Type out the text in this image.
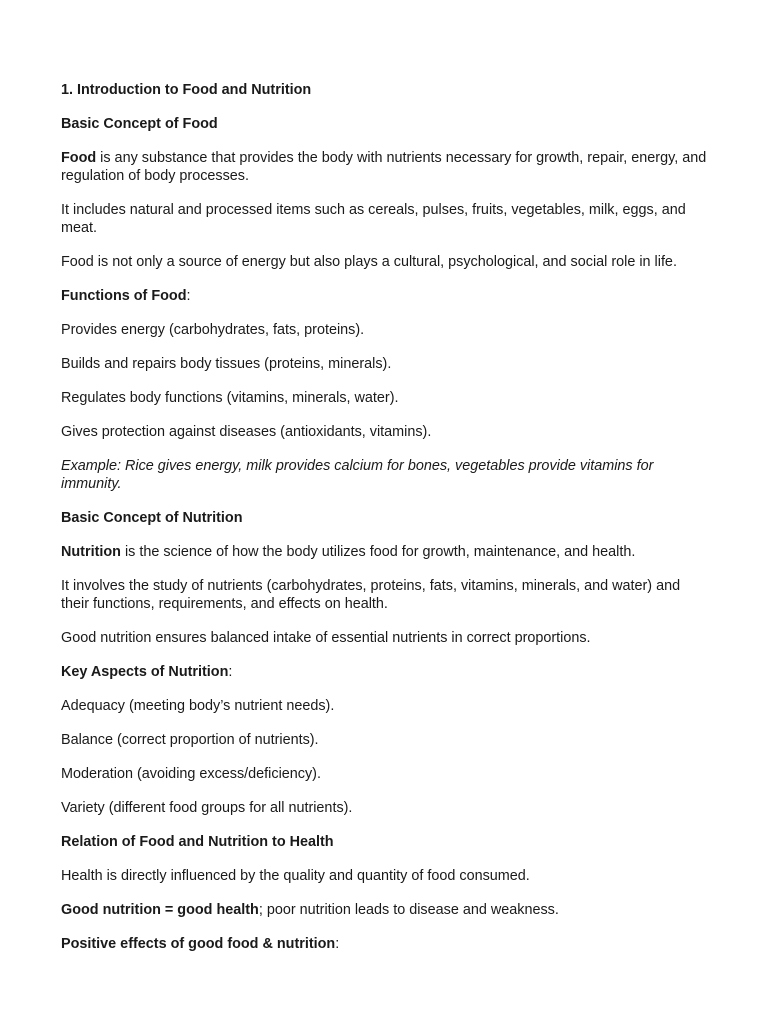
1. Introduction to Food and Nutrition

Basic Concept of Food

Food is any substance that provides the body with nutrients necessary for growth, repair, energy, and regulation of body processes.

It includes natural and processed items such as cereals, pulses, fruits, vegetables, milk, eggs, and meat.

Food is not only a source of energy but also plays a cultural, psychological, and social role in life.

Functions of Food:

Provides energy (carbohydrates, fats, proteins).

Builds and repairs body tissues (proteins, minerals).

Regulates body functions (vitamins, minerals, water).

Gives protection against diseases (antioxidants, vitamins).

Example: Rice gives energy, milk provides calcium for bones, vegetables provide vitamins for immunity.

Basic Concept of Nutrition

Nutrition is the science of how the body utilizes food for growth, maintenance, and health.

It involves the study of nutrients (carbohydrates, proteins, fats, vitamins, minerals, and water) and their functions, requirements, and effects on health.

Good nutrition ensures balanced intake of essential nutrients in correct proportions.

Key Aspects of Nutrition:

Adequacy (meeting body’s nutrient needs).

Balance (correct proportion of nutrients).

Moderation (avoiding excess/deficiency).

Variety (different food groups for all nutrients).

Relation of Food and Nutrition to Health

Health is directly influenced by the quality and quantity of food consumed.

Good nutrition = good health; poor nutrition leads to disease and weakness.

Positive effects of good food & nutrition:
